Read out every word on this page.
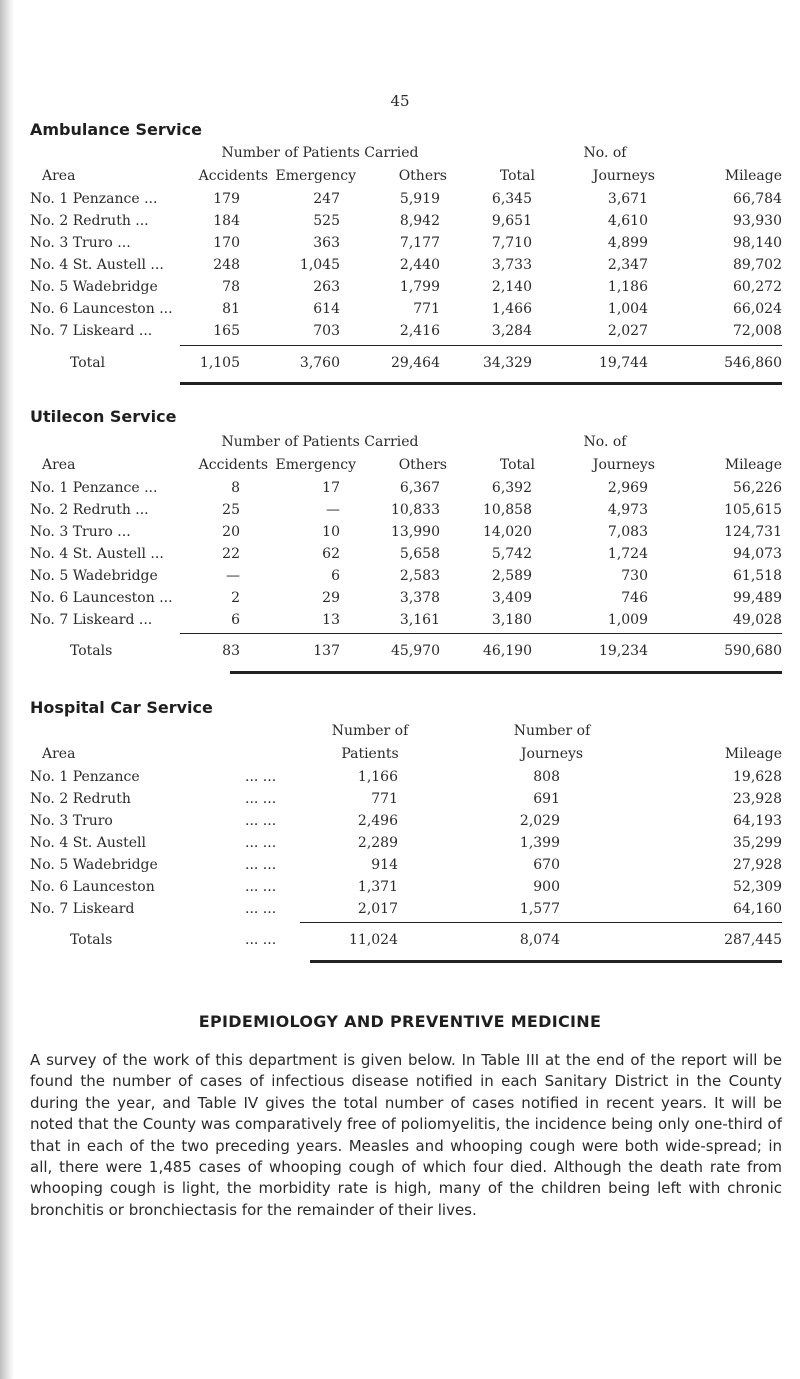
45
Ambulance Service
Number of Patients Carried	No. of
Area	Accidents Emergency	Others	Total	Journeys	Mileage
No. 1 Penzance ...	179	247	5,919	6,345	3,671	66,784
No. 2 Redruth ...	184	525	8,942	9,651	4,610	93,930
No. 3 Truro ...	170	363	7,177	7,710	4,899	98,140
No. 4 St. Austell ...	248	1,045	2,440	3,733	2,347	89,702
No. 5 Wadebridge	78	263	1,799	2,140	1,186	60,272
No. 6 Launceston ...	81	614	771	1,466	1,004	66,024
No. 7 Liskeard ...	165	703	2,416	3,284	2,027	72,008
Total	1,105	3,760	29,464	34,329	19,744	546,860
Utilecon Service
Number of Patients Carried	No. of
Area	Accidents Emergency	Others	Total	Journeys	Mileage
No. 1 Penzance ...	8	17	6,367	6,392	2,969	56,226
No. 2 Redruth ...	25	—	10,833	10,858	4,973	105,615
No. 3 Truro ...	20	10	13,990	14,020	7,083	124,731
No. 4 St. Austell ...	22	62	5,658	5,742	1,724	94,073
No. 5 Wadebridge	—	6	2,583	2,589	730	61,518
No. 6 Launceston ...	2	29	3,378	3,409	746	99,489
No. 7 Liskeard ...	6	13	3,161	3,180	1,009	49,028
Totals	83	137	45,970	46,190	19,234	590,680
Hospital Car Service
Number of	Number of
Area	Patients	Journeys	Mileage
No. 1 Penzance	... ...	1,166	808	19,628
No. 2 Redruth	... ...	771	691	23,928
No. 3 Truro	... ...	2,496	2,029	64,193
No. 4 St. Austell	... ...	2,289	1,399	35,299
No. 5 Wadebridge	... ...	914	670	27,928
No. 6 Launceston	... ...	1,371	900	52,309
No. 7 Liskeard	... ...	2,017	1,577	64,160
Totals	... ...	11,024	8,074	287,445
EPIDEMIOLOGY AND PREVENTIVE MEDICINE
A survey of the work of this department is given below. In Table III at the end of the report will be found the number of cases of infectious disease notified in each Sanitary District in the County during the year, and Table IV gives the total number of cases notified in recent years. It will be noted that the County was comparatively free of poliomyelitis, the incidence being only one-third of that in each of the two preceding years. Measles and whooping cough were both wide-spread; in all, there were 1,485 cases of whooping cough of which four died. Although the death rate from whooping cough is light, the morbidity rate is high, many of the children being left with chronic bronchitis or bronchiectasis for the remainder of their lives.
